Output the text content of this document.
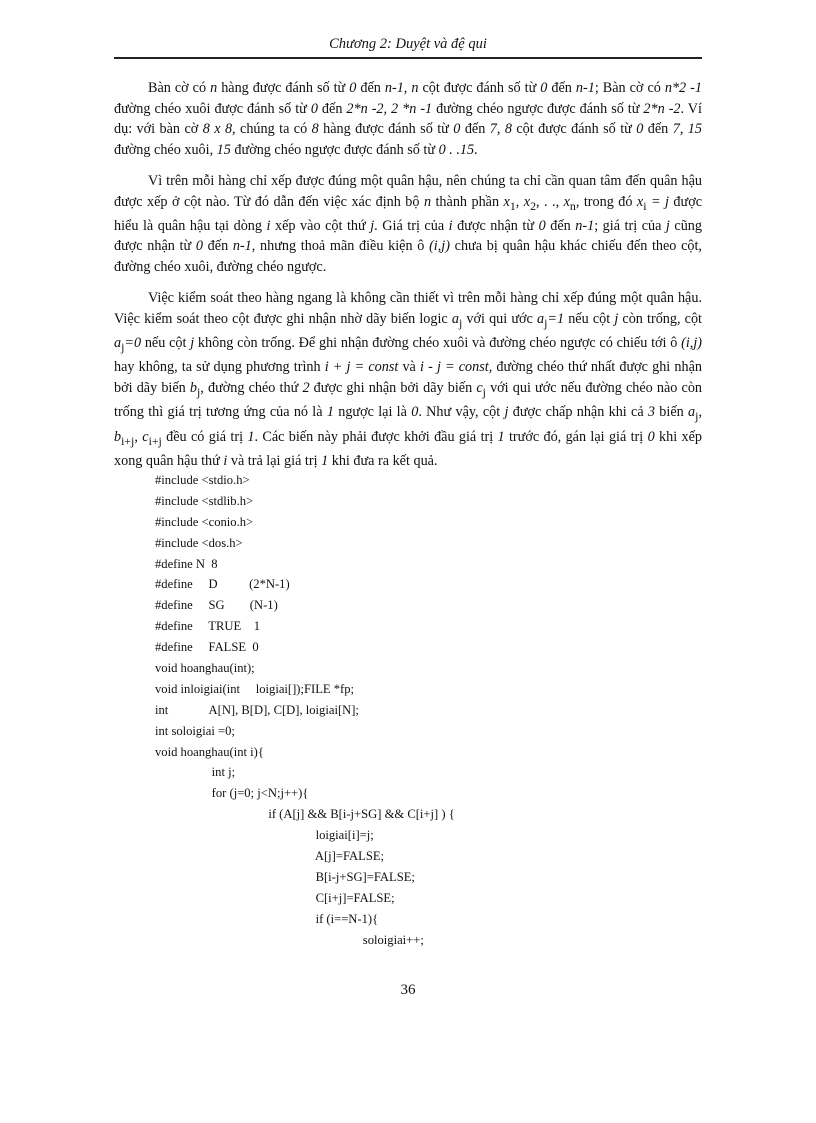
Chương 2: Duyệt và đệ qui

Bàn cờ có n hàng được đánh số từ 0 đến n-1, n cột được đánh số từ 0 đến n-1; Bàn cờ có n*2 -1 đường chéo xuôi được đánh số từ 0 đến 2*n -2, 2 *n -1 đường chéo ngược được đánh số từ 2*n -2. Ví dụ: với bàn cờ 8 x 8, chúng ta có 8 hàng được đánh số từ 0 đến 7, 8 cột được đánh số từ 0 đến 7, 15 đường chéo xuôi, 15 đường chéo ngược được đánh số từ 0 . .15.

Vì trên mỗi hàng chỉ xếp được đúng một quân hậu, nên chúng ta chỉ cần quan tâm đến quân hậu được xếp ở cột nào. Từ đó dẫn đến việc xác định bộ n thành phần $x_1$, $x_2$, . ., $x_n$, trong đó $x_i = j$ được hiểu là quân hậu tại dòng i xếp vào cột thứ j. Giá trị của i được nhận từ 0 đến n-1; giá trị của j cũng được nhận từ 0 đến n-1, nhưng thoả mãn điều kiện ô (i,j) chưa bị quân hậu khác chiếu đến theo cột, đường chéo xuôi, đường chéo ngược.

Việc kiểm soát theo hàng ngang là không cần thiết vì trên mỗi hàng chỉ xếp đúng một quân hậu. Việc kiểm soát theo cột được ghi nhận nhờ dãy biến logic $a_j$ với qui ước $a_j=1$ nếu cột j còn trống, cột $a_j=0$ nếu cột j không còn trống. Để ghi nhận đường chéo xuôi và đường chéo ngược có chiếu tới ô (i,j) hay không, ta sử dụng phương trình i + j = const và i - j = const, đường chéo thứ nhất được ghi nhận bởi dãy biến $b_j$, đường chéo thứ 2 được ghi nhận bởi dãy biến $c_j$ với qui ước nếu đường chéo nào còn trống thì giá trị tương ứng của nó là 1 ngược lại là 0. Như vậy, cột j được chấp nhận khi cả 3 biến $a_j$, $b_{i+j}$, $c_{i+j}$ đều có giá trị 1. Các biến này phải được khởi đầu giá trị 1 trước đó, gán lại giá trị 0 khi xếp xong quân hậu thứ i và trả lại giá trị 1 khi đưa ra kết quả.

#include <stdio.h>
#include <stdlib.h>
#include <conio.h>
#include <dos.h>
#define N  8
#define     D          (2*N-1)
#define     SG        (N-1)
#define     TRUE    1
#define     FALSE  0
void hoanghau(int);
void inloigiai(int     loigiai[]);FILE *fp;
int             A[N], B[D], C[D], loigiai[N];
int soloigiai =0;
void hoanghau(int i){
int j;
for (j=0; j<N;j++){
if (A[j] && B[i-j+SG] && C[i+j] ) {
loigiai[i]=j;
A[j]=FALSE;
B[i-j+SG]=FALSE;
C[i+j]=FALSE;
if (i==N-1){
soloigiai++;
36
